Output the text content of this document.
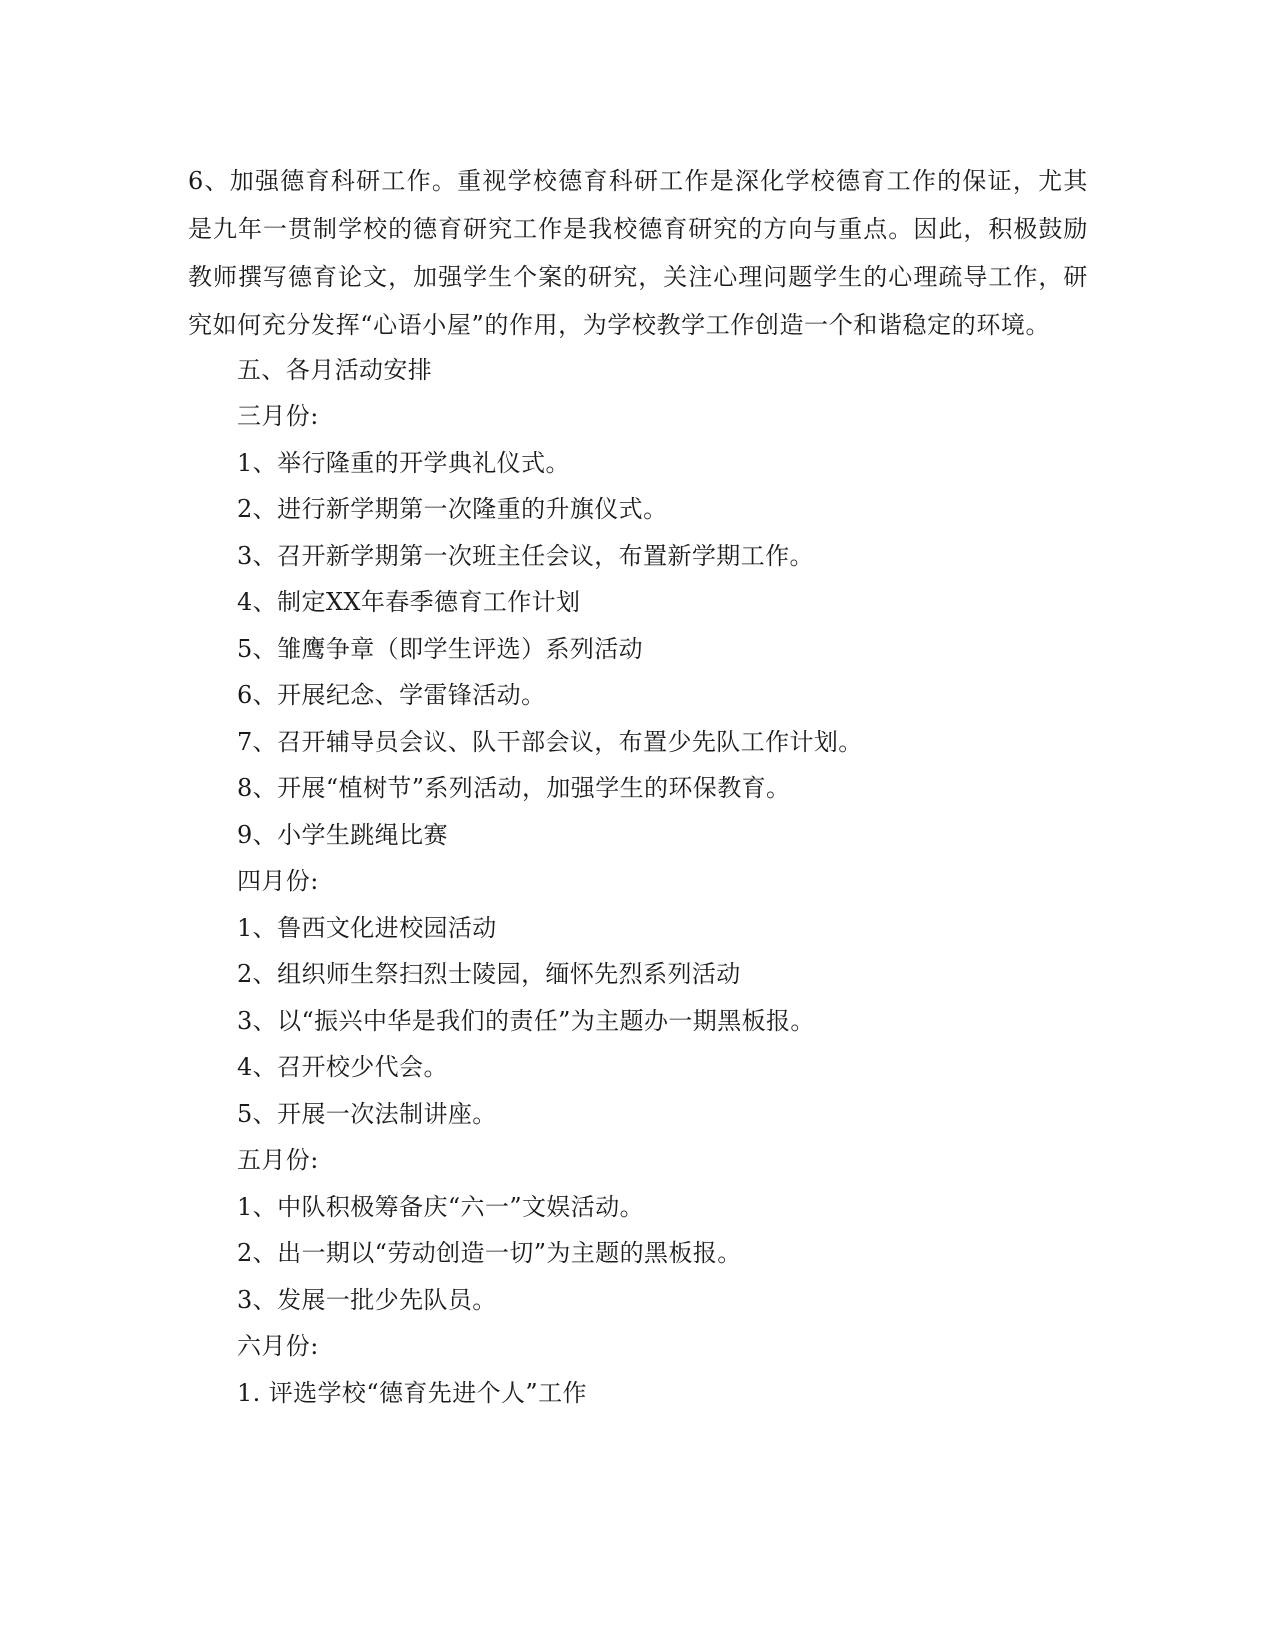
6、加强德育科研工作。重视学校德育科研工作是深化学校德育工作的保证，尤其是九年一贯制学校的德育研究工作是我校德育研究的方向与重点。因此，积极鼓励教师撰写德育论文，加强学生个案的研究，关注心理问题学生的心理疏导工作，研究如何充分发挥“心语小屋”的作用，为学校教学工作创造一个和谐稳定的环境。

五、各月活动安排
三月份:
1、举行隆重的开学典礼仪式。
2、进行新学期第一次隆重的升旗仪式。
3、召开新学期第一次班主任会议，布置新学期工作。
4、制定XX年春季德育工作计划
5、雏鹰争章（即学生评选）系列活动
6、开展纪念、学雷锋活动。
7、召开辅导员会议、队干部会议，布置少先队工作计划。
8、开展“植树节”系列活动，加强学生的环保教育。
9、小学生跳绳比赛
四月份:
1、鲁西文化进校园活动
2、组织师生祭扫烈士陵园，缅怀先烈系列活动
3、以“振兴中华是我们的责任”为主题办一期黑板报。
4、召开校少代会。
5、开展一次法制讲座。
五月份:
1、中队积极筹备庆“六一”文娱活动。
2、出一期以“劳动创造一切”为主题的黑板报。
3、发展一批少先队员。
六月份:
1. 评选学校“德育先进个人”工作
